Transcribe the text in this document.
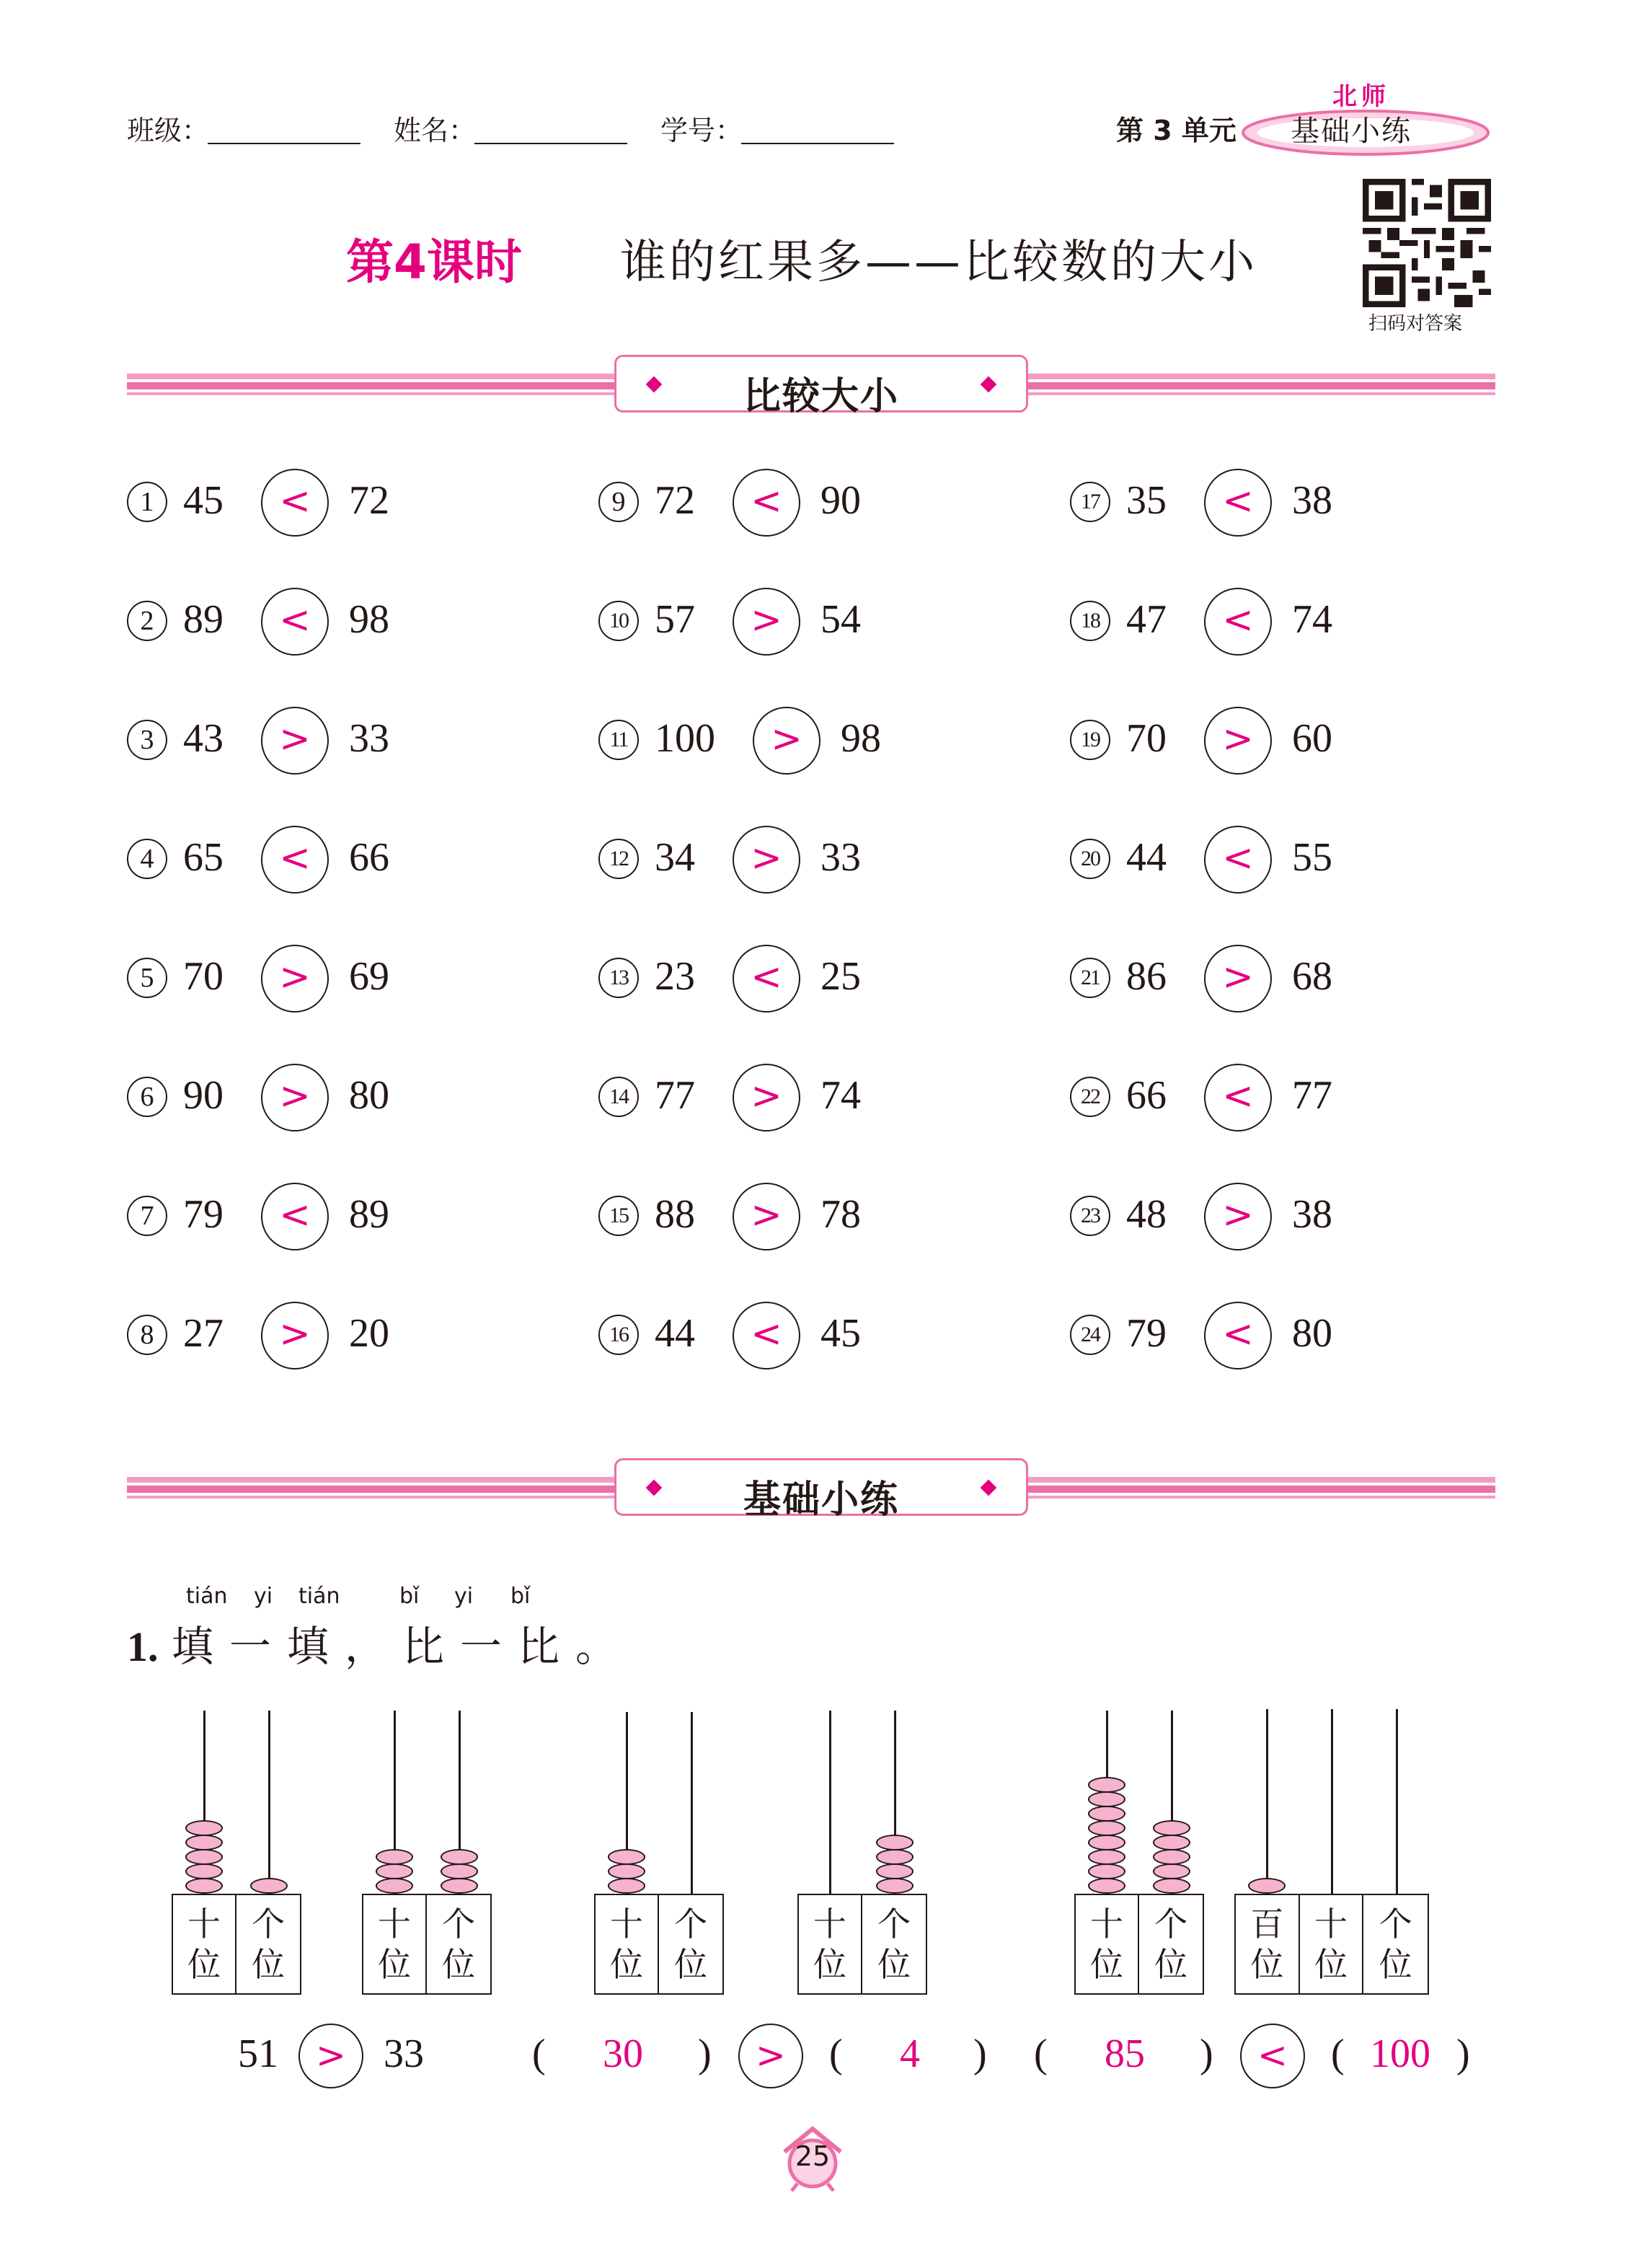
班级：	姓名：	学号：	第 3 单元
北师
基础小练
第4课时 谁的红果多——比较数的大小
扫码对答案
比较大小
1 45	< 72
2 89	< 98
3 43	> 33
4 65	< 66
5 70	> 69
6 90	> 80
7 79	< 89
8 27	> 20
9 72	< 90
10 57	> 54
11 100	> 98
12 34	> 33
13 23	< 25
14 77	> 74
15 88	> 78
16 44	< 45
17 35	< 38
18 47	< 74
19 70	> 60
20 44	< 55
21 86	> 68
22 66	< 77
23 48	> 38
24 79	< 80
基础小练
tián yi tián	bǐ yi bǐ
1. 填一填，比一比。
十
位
个
位
十
位
个
位
十
位
个
位
十
位
个
位
十
位
个
位
百
位
十
位
个
位
51	> 33	( 30 )	>	( 4 ) ( 85 )	<	( 100 )
25
